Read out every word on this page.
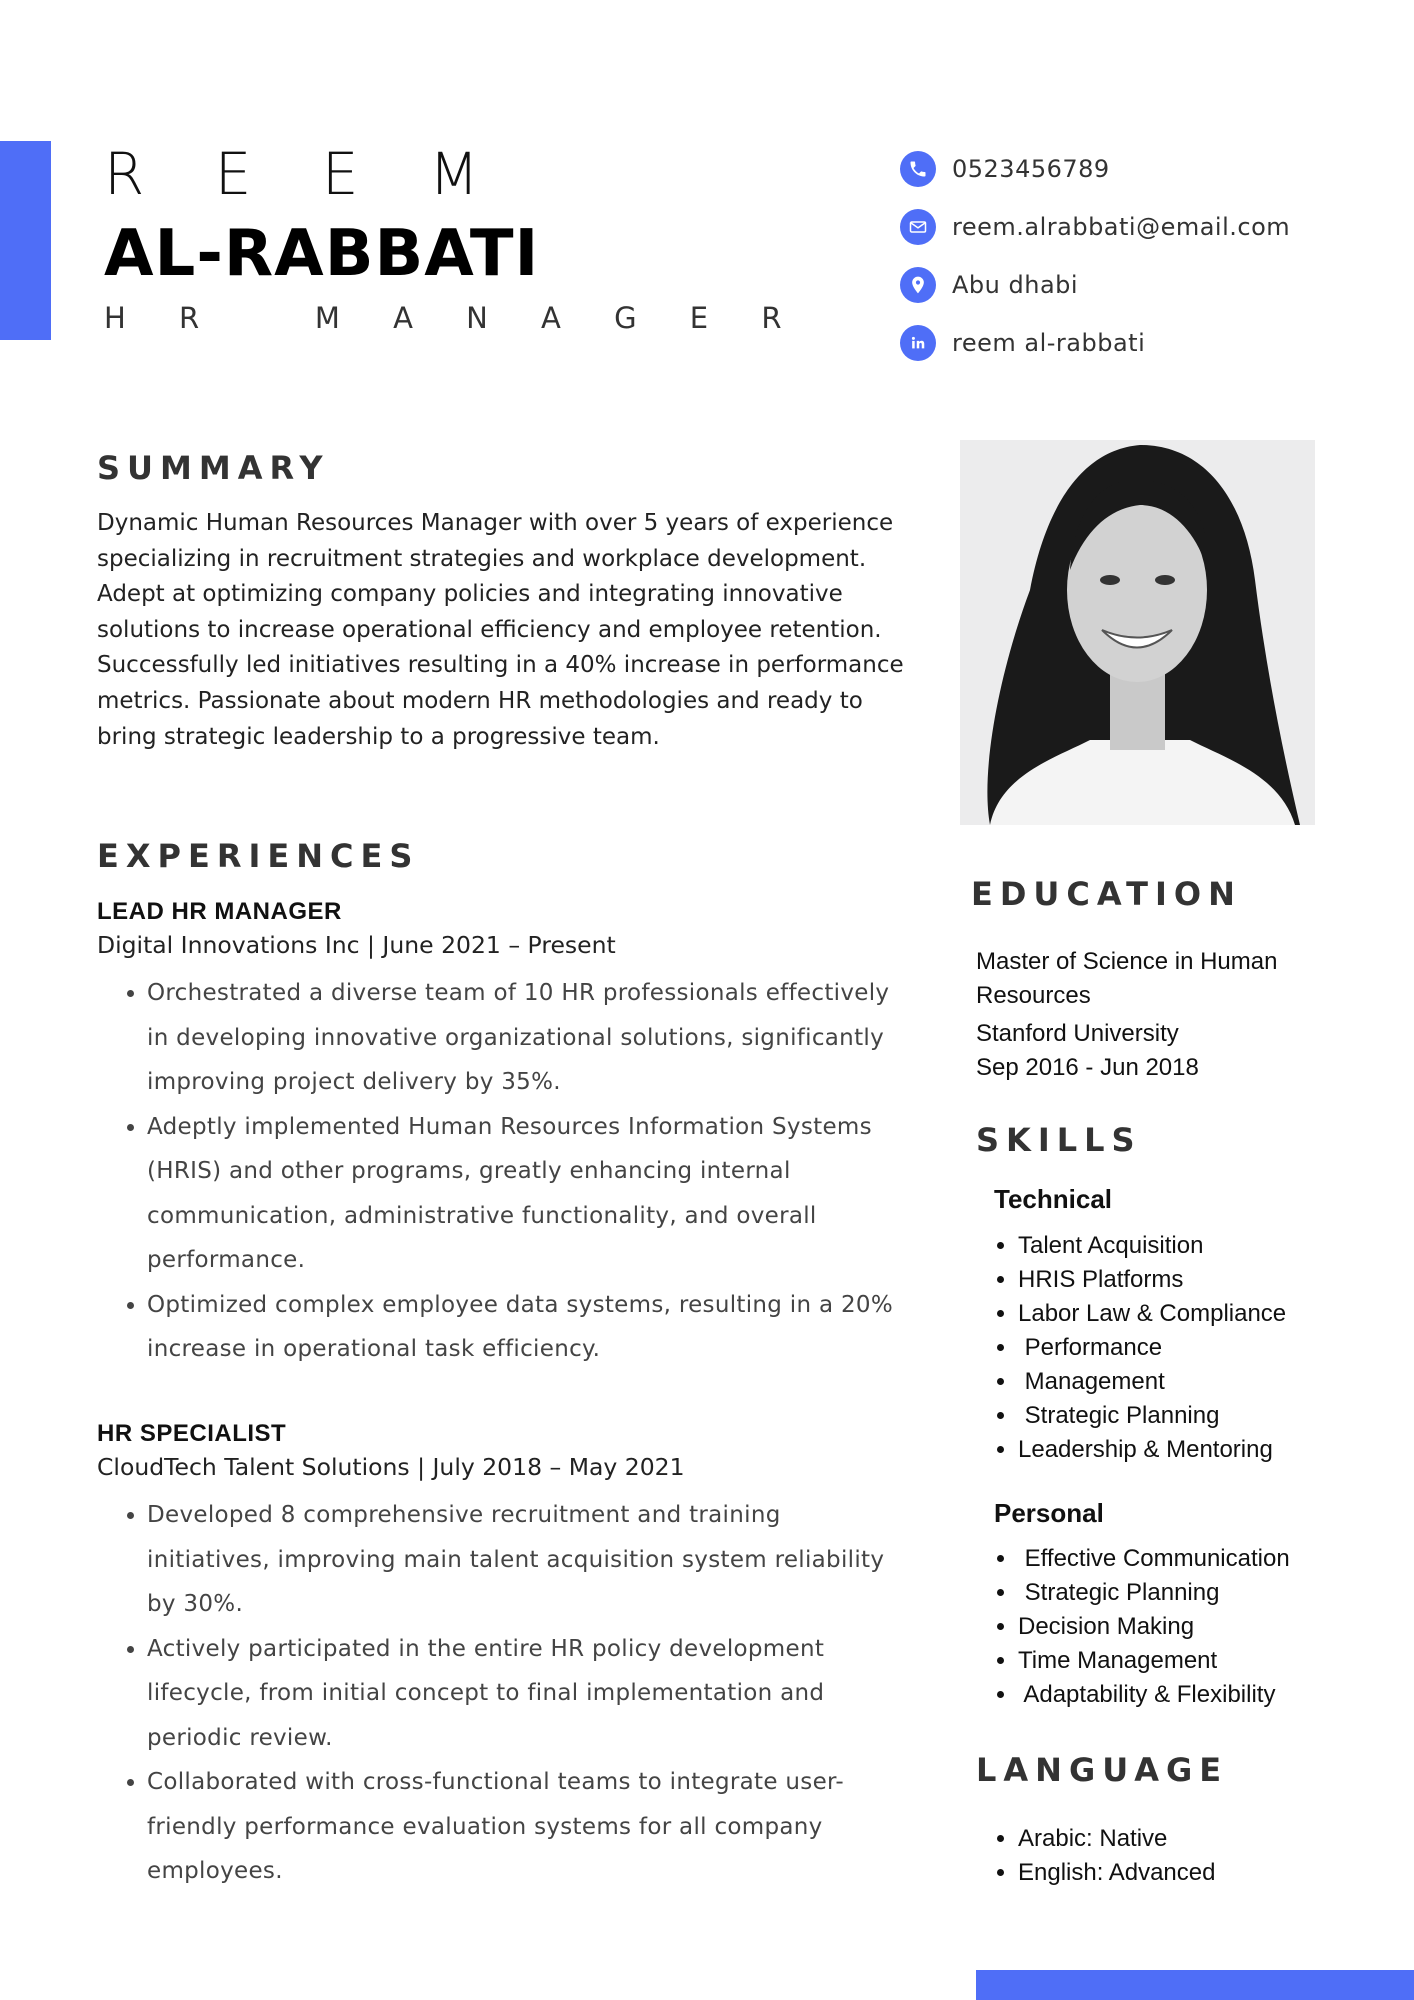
R E E M
AL-RABBATI
H R   M A N A G E R
0523456789
reem.alrabbati@email.com
Abu dhabi
reem al-rabbati
SUMMARY

Dynamic Human Resources Manager with over 5 years of experience specializing in recruitment strategies and workplace development. Adept at optimizing company policies and integrating innovative solutions to increase operational efficiency and employee retention. Successfully led initiatives resulting in a 40% increase in performance metrics. Passionate about modern HR methodologies and ready to bring strategic leadership to a progressive team.

EXPERIENCES
LEAD HR MANAGER
Digital Innovations Inc | June 2021 – Present
• Orchestrated a diverse team of 10 HR professionals effectively in developing innovative organizational solutions, significantly improving project delivery by 35%.
• Adeptly implemented Human Resources Information Systems (HRIS) and other programs, greatly enhancing internal communication, administrative functionality, and overall performance.
• Optimized complex employee data systems, resulting in a 20% increase in operational task efficiency.
HR SPECIALIST
CloudTech Talent Solutions | July 2018 – May 2021
• Developed 8 comprehensive recruitment and training initiatives, improving main talent acquisition system reliability by 30%.
• Actively participated in the entire HR policy development lifecycle, from initial concept to final implementation and periodic review.
• Collaborated with cross-functional teams to integrate user-friendly performance evaluation systems for all company employees.
EDUCATION
Master of Science in Human Resources
Stanford University
Sep 2016 - Jun 2018
SKILLS
Technical
• Talent Acquisition
• HRIS Platforms
• Labor Law & Compliance
•  Performance
•  Management
•  Strategic Planning
• Leadership & Mentoring
Personal
•  Effective Communication
•  Strategic Planning
• Decision Making
• Time Management
•  Adaptability & Flexibility
LANGUAGE
• Arabic: Native
• English: Advanced
